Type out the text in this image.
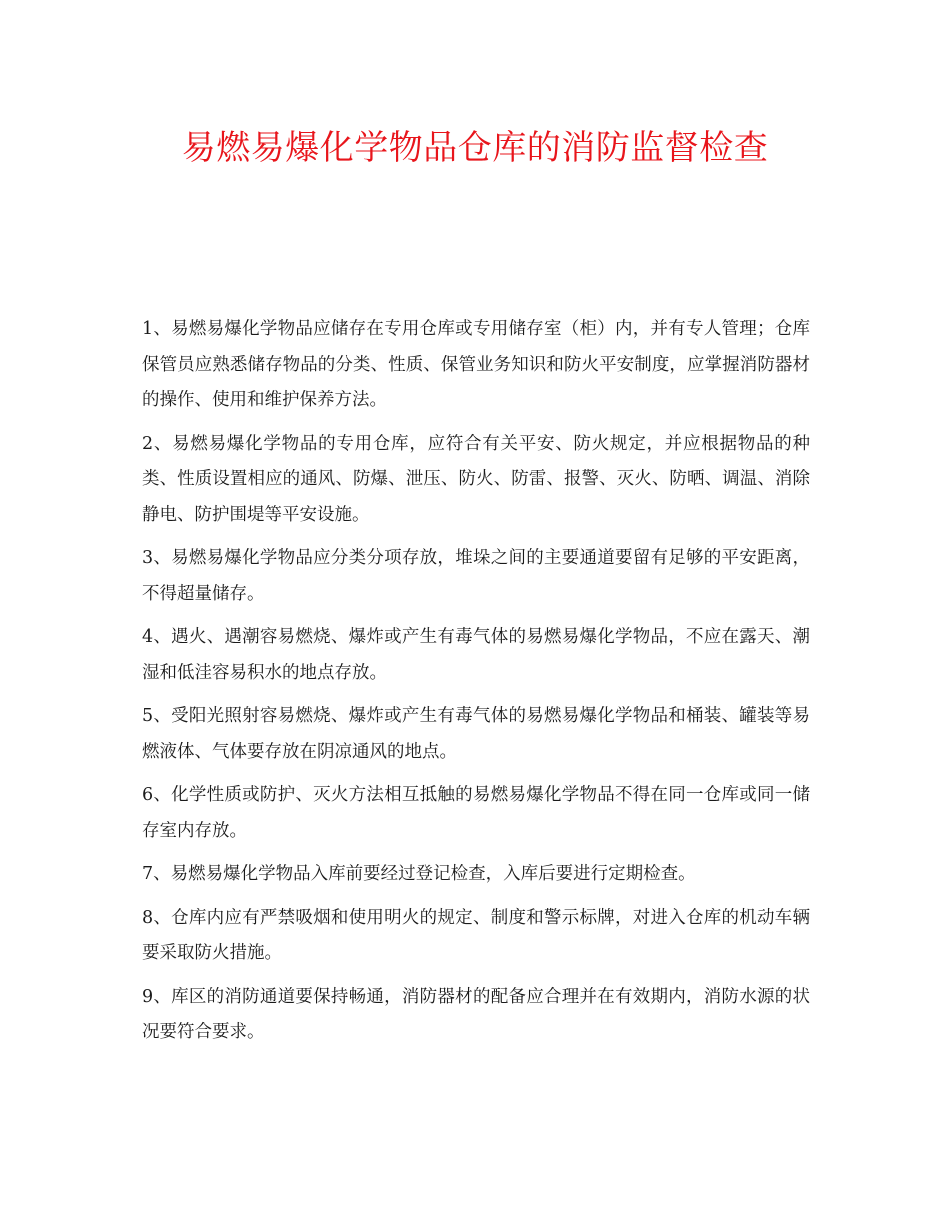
易燃易爆化学物品仓库的消防监督检查

1、易燃易爆化学物品应储存在专用仓库或专用储存室（柜）内，并有专人管理；仓库保管员应熟悉储存物品的分类、性质、保管业务知识和防火平安制度，应掌握消防器材的操作、使用和维护保养方法。

2、易燃易爆化学物品的专用仓库，应符合有关平安、防火规定，并应根据物品的种类、性质设置相应的通风、防爆、泄压、防火、防雷、报警、灭火、防晒、调温、消除静电、防护围堤等平安设施。

3、易燃易爆化学物品应分类分项存放，堆垛之间的主要通道要留有足够的平安距离，不得超量储存。

4、遇火、遇潮容易燃烧、爆炸或产生有毒气体的易燃易爆化学物品，不应在露天、潮湿和低洼容易积水的地点存放。

5、受阳光照射容易燃烧、爆炸或产生有毒气体的易燃易爆化学物品和桶装、罐装等易燃液体、气体要存放在阴凉通风的地点。

6、化学性质或防护、灭火方法相互抵触的易燃易爆化学物品不得在同一仓库或同一储存室内存放。

7、易燃易爆化学物品入库前要经过登记检查，入库后要进行定期检查。

8、仓库内应有严禁吸烟和使用明火的规定、制度和警示标牌，对进入仓库的机动车辆要采取防火措施。

9、库区的消防通道要保持畅通，消防器材的配备应合理并在有效期内，消防水源的状况要符合要求。
